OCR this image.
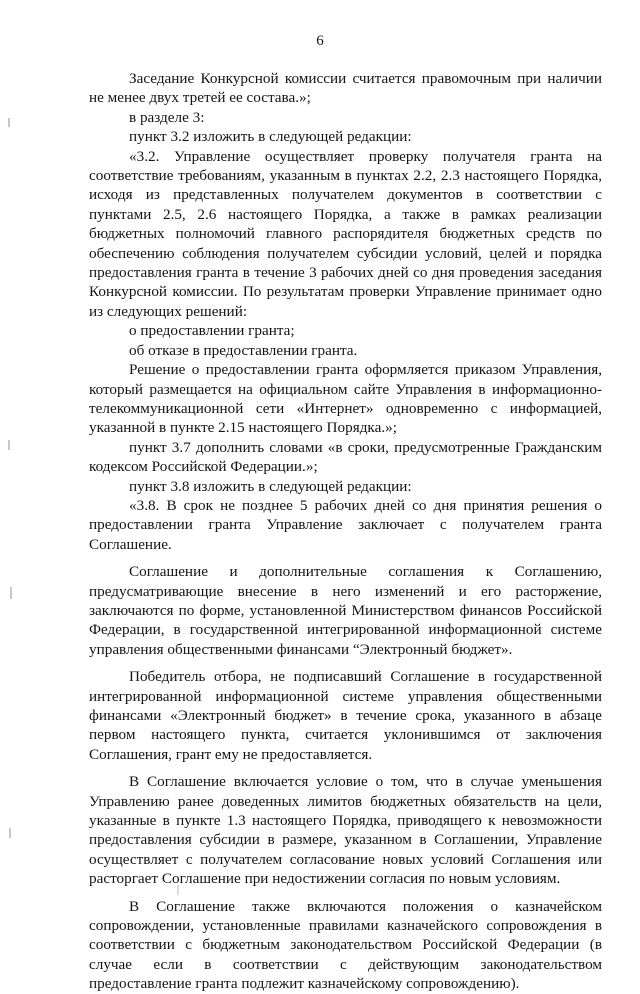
6

Заседание Конкурсной комиссии считается правомочным при наличии не менее двух третей ее состава.»;

в разделе 3:

пункт 3.2 изложить в следующей редакции:

«3.2. Управление осуществляет проверку получателя гранта на соответствие требованиям, указанным в пунктах 2.2, 2.3 настоящего Порядка, исходя из представленных получателем документов в соответствии с пунктами 2.5, 2.6 настоящего Порядка, а также в рамках реализации бюджетных полномочий главного распорядителя бюджетных средств по обеспечению соблюдения получателем субсидии условий, целей и порядка предоставления гранта в течение 3 рабочих дней со дня проведения заседания Конкурсной комиссии. По результатам проверки Управление принимает одно из следующих решений:

о предоставлении гранта;

об отказе в предоставлении гранта.

Решение о предоставлении гранта оформляется приказом Управления, который размещается на официальном сайте Управления в информационно-телекоммуникационной сети «Интернет» одновременно с информацией, указанной в пункте 2.15 настоящего Порядка.»;

пункт 3.7 дополнить словами «в сроки, предусмотренные Гражданским кодексом Российской Федерации.»;

пункт 3.8 изложить в следующей редакции:

«3.8. В срок не позднее 5 рабочих дней со дня принятия решения о предоставлении гранта Управление заключает с получателем гранта Соглашение.

Соглашение и дополнительные соглашения к Соглашению, предусматривающие внесение в него изменений и его расторжение, заключаются по форме, установленной Министерством финансов Российской Федерации, в государственной интегрированной информационной системе управления общественными финансами “Электронный бюджет».

Победитель отбора, не подписавший Соглашение в государственной интегрированной информационной системе управления общественными финансами «Электронный бюджет» в течение срока, указанного в абзаце первом настоящего пункта, считается уклонившимся от заключения Соглашения, грант ему не предоставляется.

В Соглашение включается условие о том, что в случае уменьшения Управлению ранее доведенных лимитов бюджетных обязательств на цели, указанные в пункте 1.3 настоящего Порядка, приводящего к невозможности предоставления субсидии в размере, указанном в Соглашении, Управление осуществляет с получателем согласование новых условий Соглашения или расторгает Соглашение при недостижении согласия по новым условиям.

В Соглашение также включаются положения о казначейском сопровождении, установленные правилами казначейского сопровождения в соответствии с бюджетным законодательством Российской Федерации (в случае если в соответствии с действующим законодательством предоставление гранта подлежит казначейскому сопровождению).
